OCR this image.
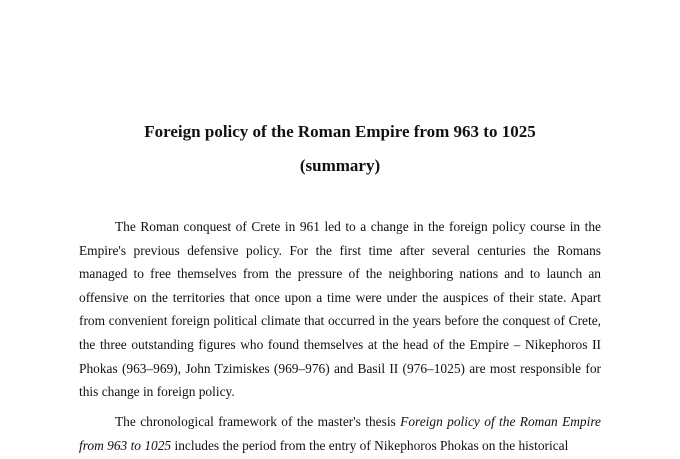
Foreign policy of the Roman Empire from 963 to 1025
(summary)

The Roman conquest of Crete in 961 led to a change in the foreign policy course in the Empire's previous defensive policy. For the first time after several centuries the Romans managed to free themselves from the pressure of the neighboring nations and to launch an offensive on the territories that once upon a time were under the auspices of their state. Apart from convenient foreign political climate that occurred in the years before the conquest of Crete, the three outstanding figures who found themselves at the head of the Empire – Nikephoros II Phokas (963–969), John Tzimiskes (969–976) and Basil II (976–1025) are most responsible for this change in foreign policy.

The chronological framework of the master's thesis Foreign policy of the Roman Empire from 963 to 1025 includes the period from the entry of Nikephoros Phokas on the historical
